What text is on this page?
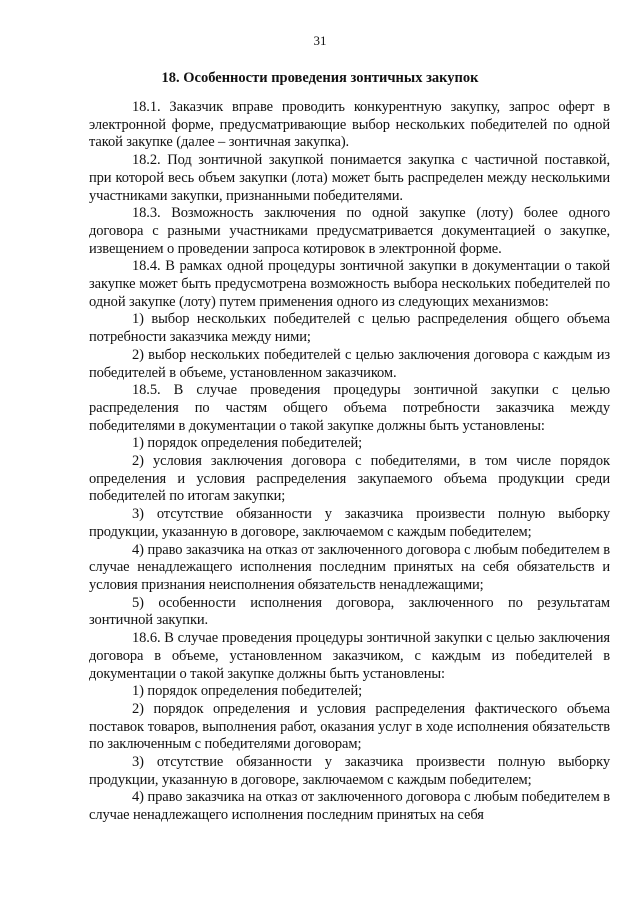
31
18. Особенности проведения зонтичных закупок

18.1. Заказчик вправе проводить конкурентную закупку, запрос оферт в электронной форме, предусматривающие выбор нескольких победителей по одной такой закупке (далее – зонтичная закупка).

18.2. Под зонтичной закупкой понимается закупка с частичной поставкой, при которой весь объем закупки (лота) может быть распределен между несколькими участниками закупки, признанными победителями.

18.3. Возможность заключения по одной закупке (лоту) более одного договора с разными участниками предусматривается документацией о закупке, извещением о проведении запроса котировок в электронной форме.

18.4. В рамках одной процедуры зонтичной закупки в документации о такой закупке может быть предусмотрена возможность выбора нескольких победителей по одной закупке (лоту) путем применения одного из следующих механизмов:

1) выбор нескольких победителей с целью распределения общего объема потребности заказчика между ними;

2) выбор нескольких победителей с целью заключения договора с каждым из победителей в объеме, установленном заказчиком.

18.5. В случае проведения процедуры зонтичной закупки с целью распределения по частям общего объема потребности заказчика между победителями в документации о такой закупке должны быть установлены:

1) порядок определения победителей;

2) условия заключения договора с победителями, в том числе порядок определения и условия распределения закупаемого объема продукции среди победителей по итогам закупки;

3) отсутствие обязанности у заказчика произвести полную выборку продукции, указанную в договоре, заключаемом с каждым победителем;

4) право заказчика на отказ от заключенного договора с любым победителем в случае ненадлежащего исполнения последним принятых на себя обязательств и условия признания неисполнения обязательств ненадлежащими;

5) особенности исполнения договора, заключенного по результатам зонтичной закупки.

18.6. В случае проведения процедуры зонтичной закупки с целью заключения договора в объеме, установленном заказчиком, с каждым из победителей в документации о такой закупке должны быть установлены:

1) порядок определения победителей;

2) порядок определения и условия распределения фактического объема поставок товаров, выполнения работ, оказания услуг в ходе исполнения обязательств по заключенным с победителями договорам;

3) отсутствие обязанности у заказчика произвести полную выборку продукции, указанную в договоре, заключаемом с каждым победителем;

4) право заказчика на отказ от заключенного договора с любым победителем в случае ненадлежащего исполнения последним принятых на себя
